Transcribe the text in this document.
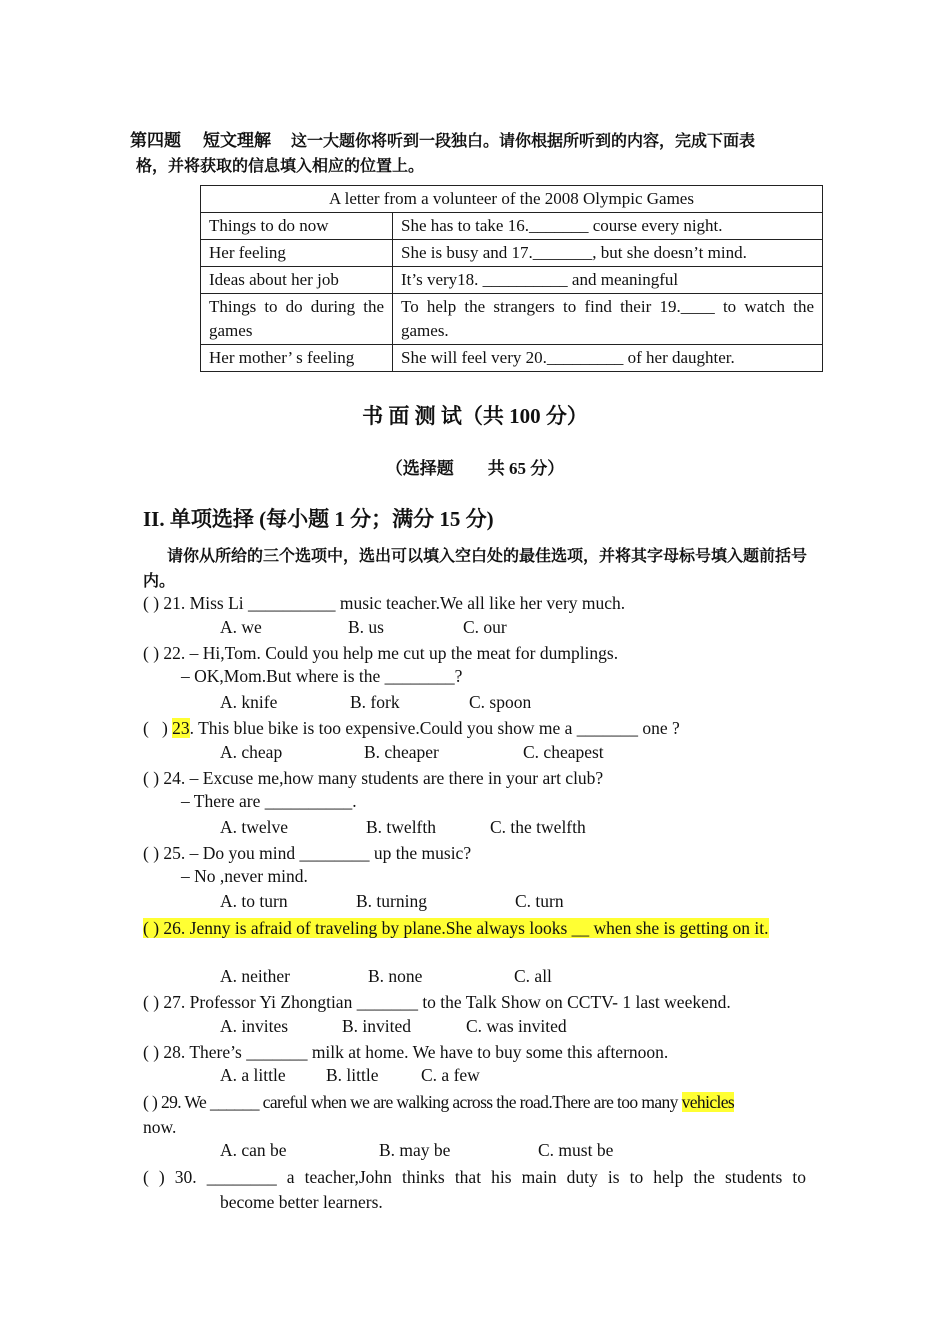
第四题 短文理解 这一大题你将听到一段独白。请你根据所听到的内容，完成下面表
格，并将获取的信息填入相应的位置上。
A letter from a volunteer of the 2008 Olympic Games	
Things to do now	She has to take 16._______ course every night.
Her feeling	She is busy and 17._______, but she doesn’t mind.
Ideas about her job	It’s very18. __________ and meaningful
Things to do during the games	To help the strangers to find their 19.____ to watch the games.
Her mother’ s feeling	She will feel very 20._________ of her daughter.
书 面 测 试（共 100 分）
（选择题　　共 65 分）
II. 单项选择 (每小题 1 分；满分 15 分)
请你从所给的三个选项中，选出可以填入空白处的最佳选项，并将其字母标号填入题前括号内。
( ) 21. Miss Li __________ music teacher.We all like her very much.
A. we	B. us	C. our
( ) 22. – Hi,Tom. Could you help me cut up the meat for dumplings.
– OK,Mom.But where is the ________?
A. knife	B. fork	C. spoon
(   ) 23. This blue bike is too expensive.Could you show me a _______ one ?
A. cheap	B. cheaper	C. cheapest
( ) 24. – Excuse me,how many students are there in your art club?
– There are __________.
A. twelve	B. twelfth	C. the twelfth
( ) 25. – Do you mind ________ up the music?
– No ,never mind.
A. to turn	B. turning	C. turn
( ) 26. Jenny is afraid of traveling by plane.She always looks __ when she is getting on it.
A. neither	B. none	C. all
( ) 27. Professor Yi Zhongtian _______ to the Talk Show on CCTV- 1 last weekend.
A. invites	B. invited	C. was invited
( ) 28. There’s _______ milk at home. We have to buy some this afternoon.
A. a little B. little C. a few
( ) 29. We ______ careful when we are walking across the road.There are too many vehicles
now.
A. can be	B. may be	C. must be
( ) 30. ________ a teacher,John thinks that his main duty is to help the students to
become better learners.
